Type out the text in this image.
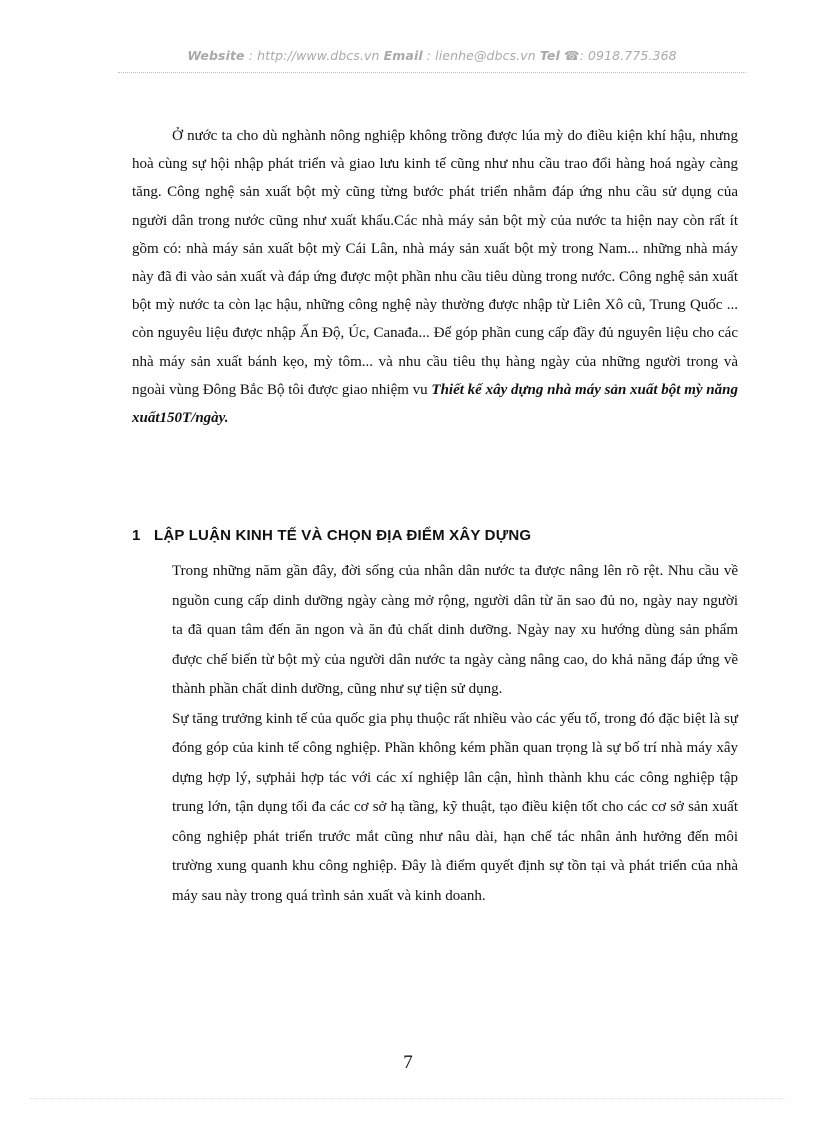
Website : http://www.dbcs.vn Email : lienhe@dbcs.vn Tel ☎: 0918.775.368

Ở nước ta cho dù nghành nông nghiệp không trồng được lúa mỳ do điều kiện khí hậu, nhưng hoà cùng sự hội nhập phát triển và giao lưu kinh tế cũng như nhu cầu trao đổi hàng hoá ngày càng tăng. Công nghệ sản xuất bột mỳ cũng từng bước phát triển nhằm đáp ứng nhu cầu sử dụng của người dân trong nước cũng như xuất khẩu.Các nhà máy sản bột mỳ của nước ta hiện nay còn rất ít gồm có: nhà máy sản xuất bột mỳ Cái Lân, nhà máy sản xuất bột mỳ trong Nam... những nhà máy này đã đi vào sản xuất và đáp ứng được một phần nhu cầu tiêu dùng trong nước. Công nghệ sản xuất bột mỳ nước ta còn lạc hậu, những công nghệ này thường được nhập từ Liên Xô cũ, Trung Quốc ... còn nguyêu liệu được nhập Ấn Độ, Úc, Canađa... Để góp phần cung cấp đầy đủ nguyên liệu cho các nhà máy sản xuất bánh kẹo, mỳ tôm... và nhu cầu tiêu thụ hàng ngày của những người trong và ngoài vùng Đông Bắc Bộ tôi được giao nhiệm vu Thiết kế xây dựng nhà máy sản xuất bột mỳ năng xuất150T/ngày.

1 LẬP LUẬN KINH TẾ VÀ CHỌN ĐỊA ĐIỂM XÂY DỰNG

Trong những năm gần đây, đời sống của nhân dân nước ta được nâng lên rõ rệt. Nhu cầu về nguồn cung cấp dinh dưỡng ngày càng mở rộng, người dân từ ăn sao đủ no, ngày nay người ta đã quan tâm đến ăn ngon và ăn đủ chất dinh dưỡng. Ngày nay xu hướng dùng sản phẩm được chế biến từ bột mỳ của người dân nước ta ngày càng nâng cao, do khả năng đáp ứng về thành phần chất dinh dưỡng, cũng như sự tiện sử dụng.

Sự tăng trưởng kinh tế của quốc gia phụ thuộc rất nhiều vào các yếu tố, trong đó đặc biệt là sự đóng góp của kinh tế công nghiệp. Phần không kém phần quan trọng là sự bố trí nhà máy xây dựng hợp lý, sựphải hợp tác với các xí nghiệp lân cận, hình thành khu các công nghiệp tập trung lớn, tận dụng tối đa các cơ sở hạ tầng, kỹ thuật, tạo điều kiện tốt cho các cơ sở sản xuất công nghiệp phát triển trước mắt cũng như nâu dài, hạn chế tác nhân ảnh hưởng đến môi trường xung quanh khu công nghiệp. Đây là điểm quyết định sự tồn tại và phát triển của nhà máy sau này trong quá trình sản xuất và kinh doanh.

7
